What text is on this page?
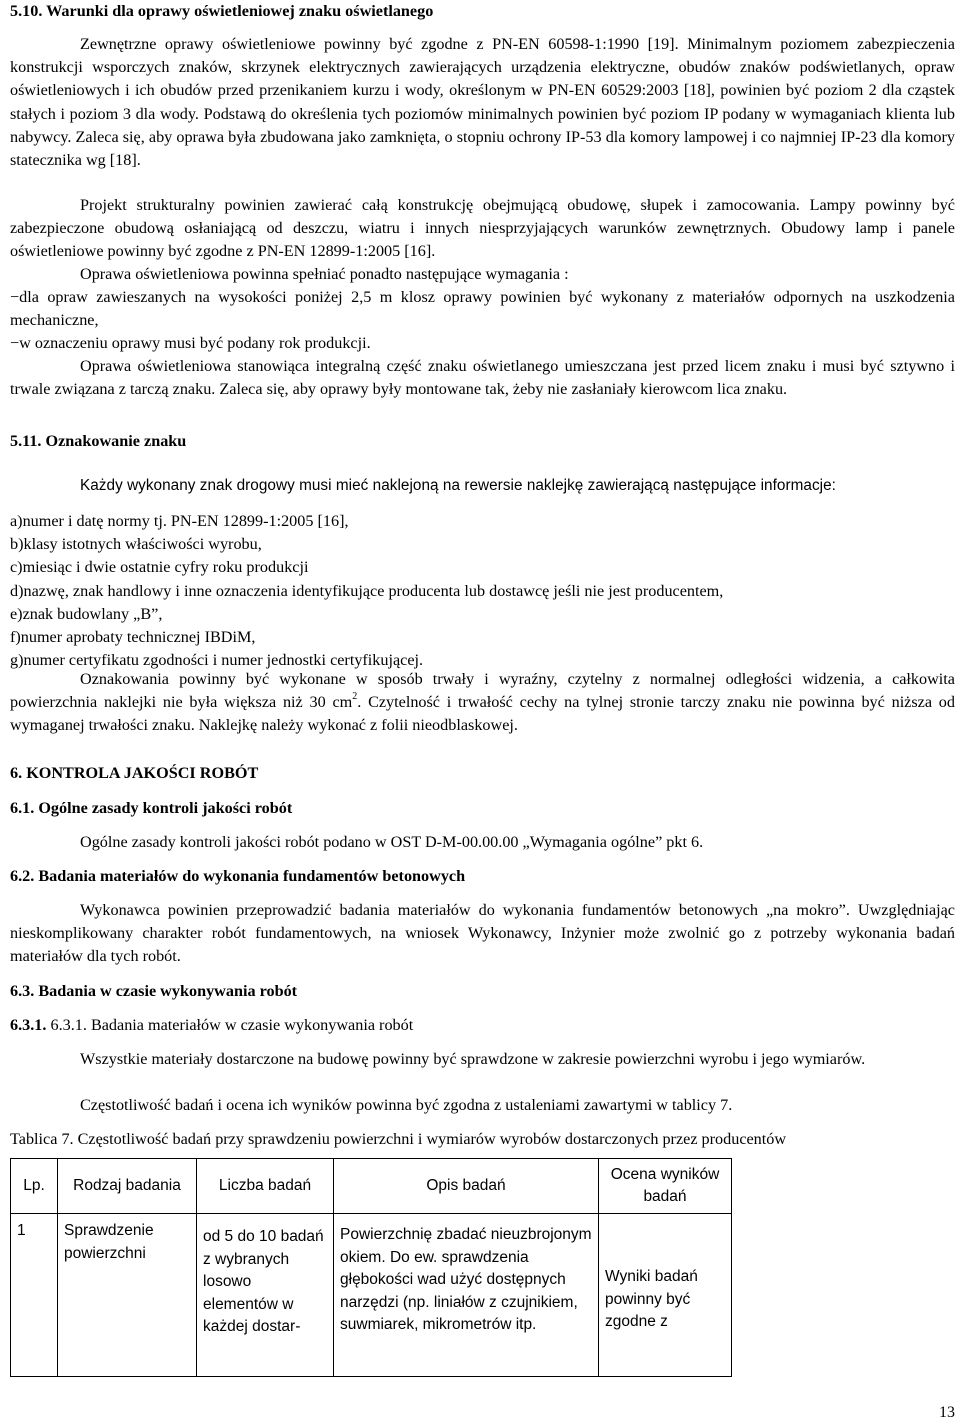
5.10. Warunki dla oprawy oświetleniowej znaku oświetlanego
Zewnętrzne oprawy oświetleniowe powinny być zgodne z PN-EN 60598-1:1990 [19]. Minimalnym poziomem zabezpieczenia konstrukcji wsporczych znaków, skrzynek elektrycznych zawierających urządzenia elektryczne, obudów znaków podświetlanych, opraw oświetleniowych i ich obudów przed przenikaniem kurzu i wody, określonym w PN-EN 60529:2003 [18], powinien być poziom 2 dla cząstek stałych i poziom 3 dla wody. Podstawą do określenia tych poziomów minimalnych powinien być poziom IP podany w wymaganiach klienta lub nabywcy. Zaleca się, aby oprawa była zbudowana jako zamknięta, o stopniu ochrony IP-53 dla komory lampowej i co najmniej IP-23 dla komory statecznika wg [18].
Projekt strukturalny powinien zawierać całą konstrukcję obejmującą obudowę, słupek i zamocowania. Lampy powinny być zabezpieczone obudową osłaniającą od deszczu, wiatru i innych niesprzyjających warunków zewnętrznych. Obudowy lamp i panele oświetleniowe powinny być zgodne z PN-EN 12899-1:2005 [16].
Oprawa oświetleniowa powinna spełniać ponadto następujące wymagania :
−dla opraw zawieszanych na wysokości poniżej 2,5 m klosz oprawy powinien być wykonany z materiałów odpornych na uszkodzenia mechaniczne,
−w oznaczeniu oprawy musi być podany rok produkcji.
Oprawa oświetleniowa stanowiąca integralną część znaku oświetlanego umieszczana jest przed licem znaku i musi być sztywno i trwale związana z tarczą znaku. Zaleca się, aby oprawy były montowane tak, żeby nie zasłaniały kierowcom lica znaku.
5.11. Oznakowanie znaku
Każdy wykonany znak drogowy musi mieć naklejoną na rewersie naklejkę zawierającą następujące informacje:
a)numer i datę normy tj. PN-EN 12899-1:2005 [16],
b)klasy istotnych właściwości wyrobu,
c)miesiąc i dwie ostatnie cyfry roku produkcji
d)nazwę, znak handlowy i inne oznaczenia identyfikujące producenta lub dostawcę jeśli nie jest producentem,
e)znak budowlany „B”,
f)numer aprobaty technicznej IBDiM,
g)numer certyfikatu zgodności i numer jednostki certyfikującej.
Oznakowania powinny być wykonane w sposób trwały i wyraźny, czytelny z normalnej odległości widzenia, a całkowita powierzchnia naklejki nie była większa niż 30 $cm^2$. Czytelność i trwałość cechy na tylnej stronie tarczy znaku nie powinna być niższa od wymaganej trwałości znaku. Naklejkę należy wykonać z folii nieodblaskowej.
6. KONTROLA JAKOŚCI ROBÓT
6.1. Ogólne zasady kontroli jakości robót
Ogólne zasady kontroli jakości robót podano w OST D-M-00.00.00 „Wymagania ogólne” pkt 6.
6.2. Badania materiałów do wykonania fundamentów betonowych
Wykonawca powinien przeprowadzić badania materiałów do wykonania fundamentów betonowych „na mokro”. Uwzględniając nieskomplikowany charakter robót fundamentowych, na wniosek Wykonawcy, Inżynier może zwolnić go z potrzeby wykonania badań materiałów dla tych robót.
6.3. Badania w czasie wykonywania robót
6.3.1. 6.3.1. Badania materiałów w czasie wykonywania robót
Wszystkie materiały dostarczone na budowę powinny być sprawdzone w zakresie powierzchni wyrobu i jego wymiarów.
Częstotliwość badań i ocena ich wyników powinna być zgodna z ustaleniami zawartymi w tablicy 7.
Tablica 7. Częstotliwość badań przy sprawdzeniu powierzchni i wymiarów wyrobów dostarczonych przez producentów
Lp.	Rodzaj badania	Liczba badań	Opis badań	Ocena wyników badań
1	Sprawdzenie powierzchni	od 5 do 10 badań z wybranych losowo elementów w każdej dostar-	Powierzchnię zbadać nieuzbrojonym okiem. Do ew. sprawdzenia głębokości wad użyć dostępnych narzędzi (np. liniałów z czujnikiem, suwmiarek, mikrometrów itp.	Wyniki badań powinny być zgodne z
13
